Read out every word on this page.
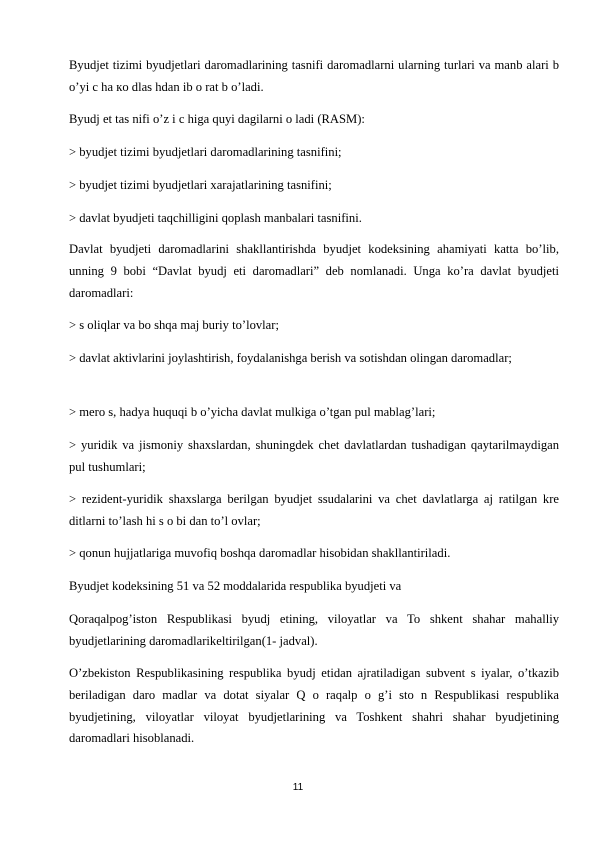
Byudjet tizimi byudjetlari daromadlarining tasnifi daromadlarni ularning turlari va manb alari b o’yi c ha кo dlas hdan ib o rat b o’ladi.

Byudj et tas nifi o’z i c higa quyi dagilarni o ladi (RASM):

> byudjet tizimi byudjetlari daromadlarining tasnifini;

> byudjet tizimi byudjetlari xarajatlarining tasnifini;

> davlat byudjeti taqchilligini qoplash manbalari tasnifini.

Davlat byudjeti daromadlarini shakllantirishda byudjet kodeksining ahamiyati katta bo’lib, unning 9 bobi “Davlat byudj eti daromadlari” deb nomlanadi. Unga ko’ra davlat byudjeti daromadlari:

> s oliqlar va bo shqa maj buriy to’lovlar;

> davlat aktivlarini joylashtirish, foydalanishga berish va sotishdan olingan daromadlar;

> mero s, hadya huquqi b o’yicha davlat mulkiga o’tgan pul mablag’lari;

> yuridik va jismoniy shaxslardan, shuningdek chet davlatlardan tushadigan qaytarilmaydigan pul tushumlari;

> rezident-yuridik shaxslarga berilgan byudjet ssudalarini va chet davlatlarga aj ratilgan kre ditlarni to’lash hi s o bi dan to’l ovlar;

> qonun hujjatlariga muvofiq boshqa daromadlar hisobidan shakllantiriladi.

Byudjet kodeksining 51 va 52 moddalarida respublika byudjeti va

Qoraqalpog’iston Respublikasi byudj etining, viloyatlar va To shkent shahar mahalliy byudjetlarining daromadlarikeltirilgan(1- jadval).

O’zbekiston Respublikasining respublika byudj etidan ajratiladigan subvent s iyalar, o’tkazib beriladigan daro madlar va dotat siyalar Q o raqalp o g’i sto n Respublikasi respublika byudjetining, viloyatlar viloyat byudjetlarining va Toshkent shahri shahar byudjetining daromadlari hisoblanadi.

11
